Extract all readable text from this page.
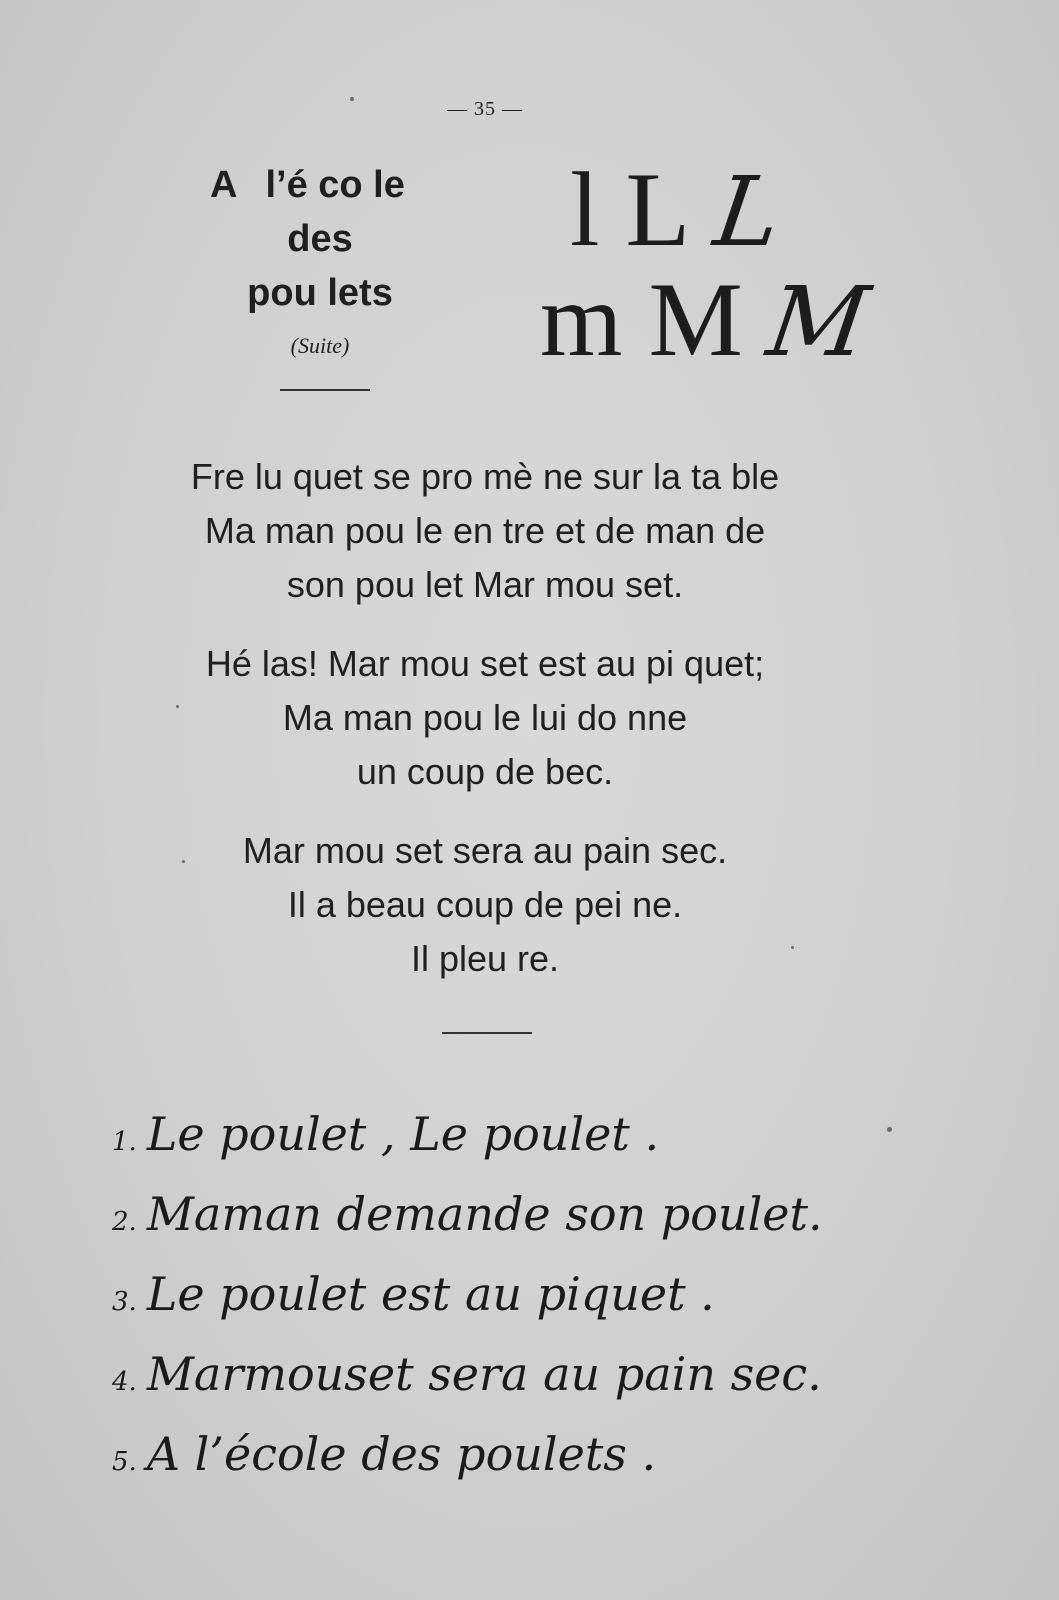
— 35 —
A l’é co le
des
pou lets
(Suite)
l L L
m M M
Fre lu quet se pro mè ne sur la ta ble
Ma man pou le en tre et de man de
son pou let Mar mou set.
Hé las! Mar mou set est au pi quet;
Ma man pou le lui do nne
un coup de bec.
Mar mou set sera au pain sec.
Il a beau coup de pei ne.
Il pleu re.
1. Le poulet , Le poulet .
2. Maman demande son poulet.
3. Le poulet est au piquet .
4. Marmouset sera au pain sec.
5. A l’école des poulets .
